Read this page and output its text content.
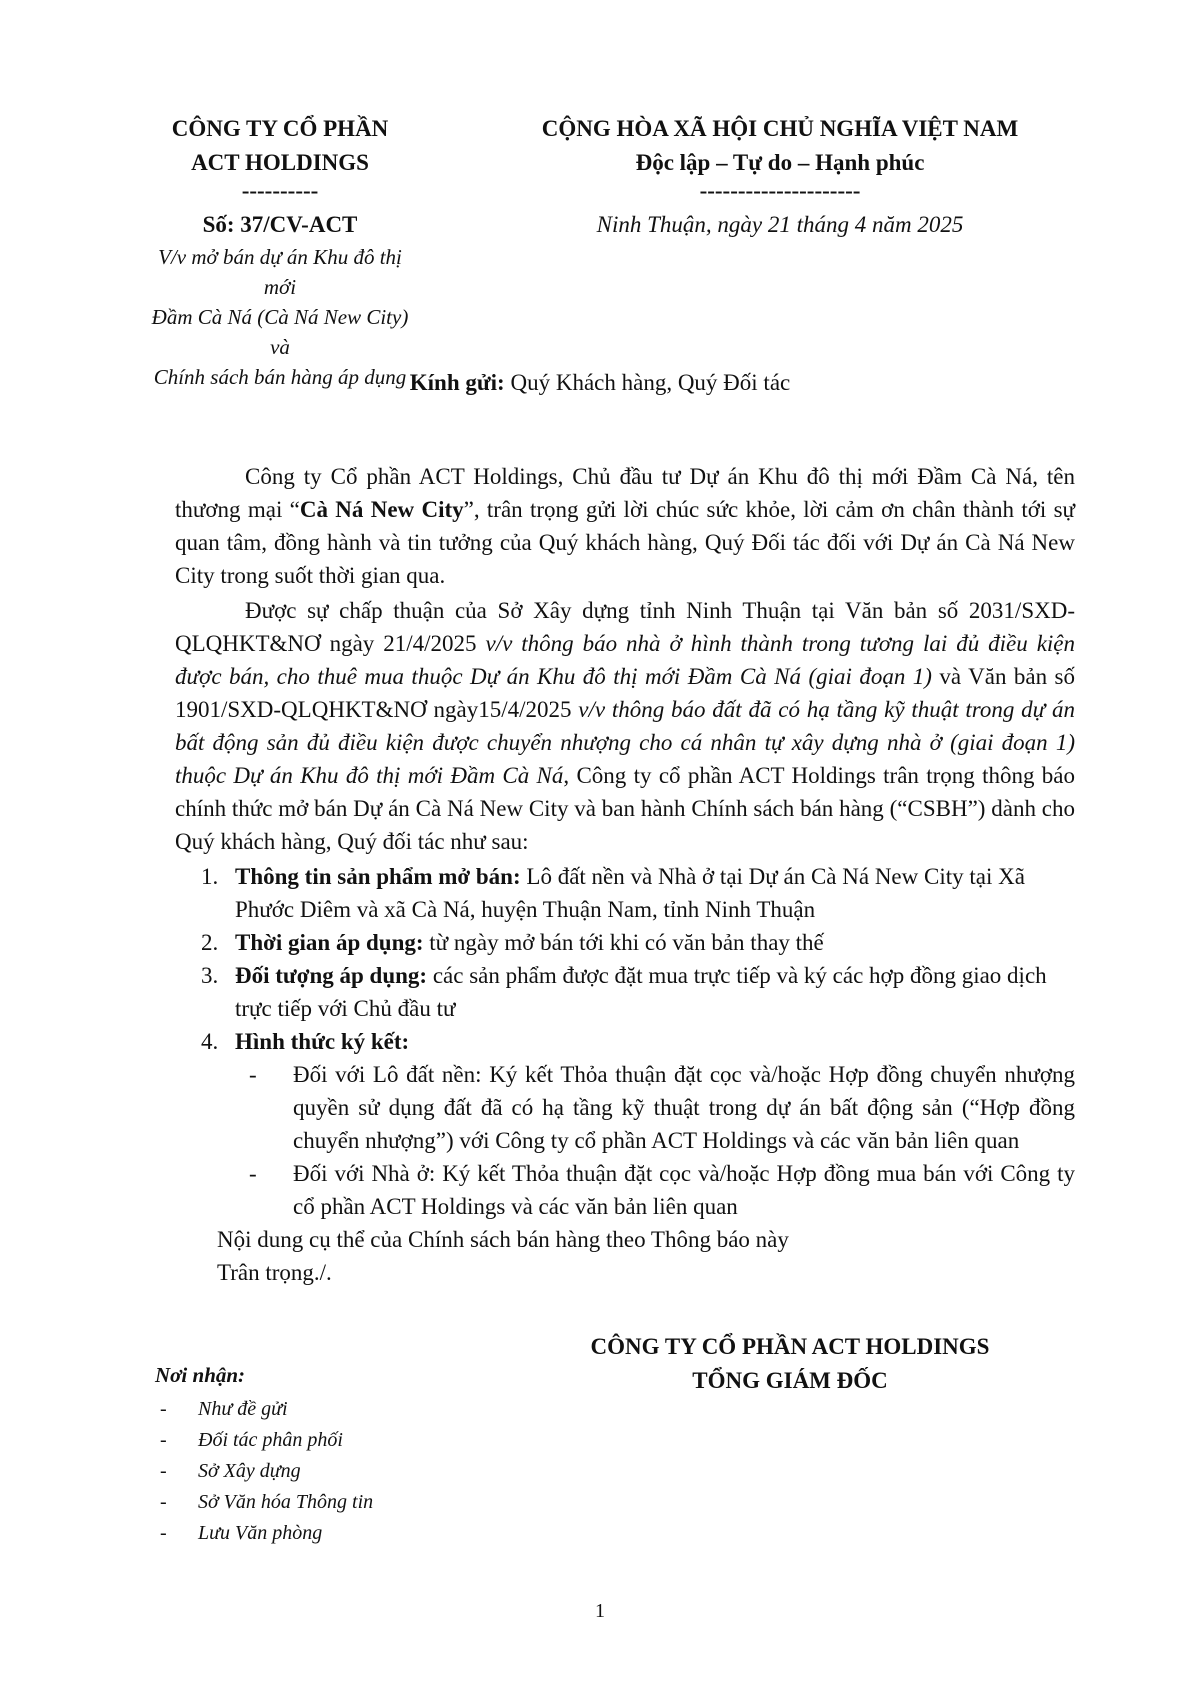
CÔNG TY CỔ PHẦN
ACT HOLDINGS
----------
Số: 37/CV-ACT
V/v mở bán dự án Khu đô thị mới
Đầm Cà Ná (Cà Ná New City) và
Chính sách bán hàng áp dụng
CỘNG HÒA XÃ HỘI CHỦ NGHĨA VIỆT NAM
Độc lập – Tự do – Hạnh phúc
---------------------
Ninh Thuận, ngày 21 tháng 4 năm 2025
Kính gửi: Quý Khách hàng, Quý Đối tác

Công ty Cổ phần ACT Holdings, Chủ đầu tư Dự án Khu đô thị mới Đầm Cà Ná, tên thương mại “Cà Ná New City”, trân trọng gửi lời chúc sức khỏe, lời cảm ơn chân thành tới sự quan tâm, đồng hành và tin tưởng của Quý khách hàng, Quý Đối tác đối với Dự án Cà Ná New City trong suốt thời gian qua.

Được sự chấp thuận của Sở Xây dựng tỉnh Ninh Thuận tại Văn bản số 2031/SXD-QLQHKT&NƠ ngày 21/4/2025 v/v thông báo nhà ở hình thành trong tương lai đủ điều kiện được bán, cho thuê mua thuộc Dự án Khu đô thị mới Đầm Cà Ná (giai đoạn 1) và Văn bản số 1901/SXD-QLQHKT&NƠ ngày15/4/2025 v/v thông báo đất đã có hạ tầng kỹ thuật trong dự án bất động sản đủ điều kiện được chuyển nhượng cho cá nhân tự xây dựng nhà ở (giai đoạn 1) thuộc Dự án Khu đô thị mới Đầm Cà Ná, Công ty cổ phần ACT Holdings trân trọng thông báo chính thức mở bán Dự án Cà Ná New City và ban hành Chính sách bán hàng (“CSBH”) dành cho Quý khách hàng, Quý đối tác như sau:

1. Thông tin sản phẩm mở bán: Lô đất nền và Nhà ở tại Dự án Cà Ná New City tại Xã Phước Diêm và xã Cà Ná, huyện Thuận Nam, tỉnh Ninh Thuận
2. Thời gian áp dụng: từ ngày mở bán tới khi có văn bản thay thế
3. Đối tượng áp dụng: các sản phẩm được đặt mua trực tiếp và ký các hợp đồng giao dịch trực tiếp với Chủ đầu tư
4. Hình thức ký kết:
- Đối với Lô đất nền: Ký kết Thỏa thuận đặt cọc và/hoặc Hợp đồng chuyển nhượng quyền sử dụng đất đã có hạ tầng kỹ thuật trong dự án bất động sản (“Hợp đồng chuyển nhượng”) với Công ty cổ phần ACT Holdings và các văn bản liên quan
- Đối với Nhà ở: Ký kết Thỏa thuận đặt cọc và/hoặc Hợp đồng mua bán với Công ty cổ phần ACT Holdings và các văn bản liên quan
Nội dung cụ thể của Chính sách bán hàng theo Thông báo này
Trân trọng./.
CÔNG TY CỔ PHẦN ACT HOLDINGS
TỔNG GIÁM ĐỐC
Nơi nhận:
- Như đề gửi
- Đối tác phân phối
- Sở Xây dựng
- Sở Văn hóa Thông tin
- Lưu Văn phòng
1
